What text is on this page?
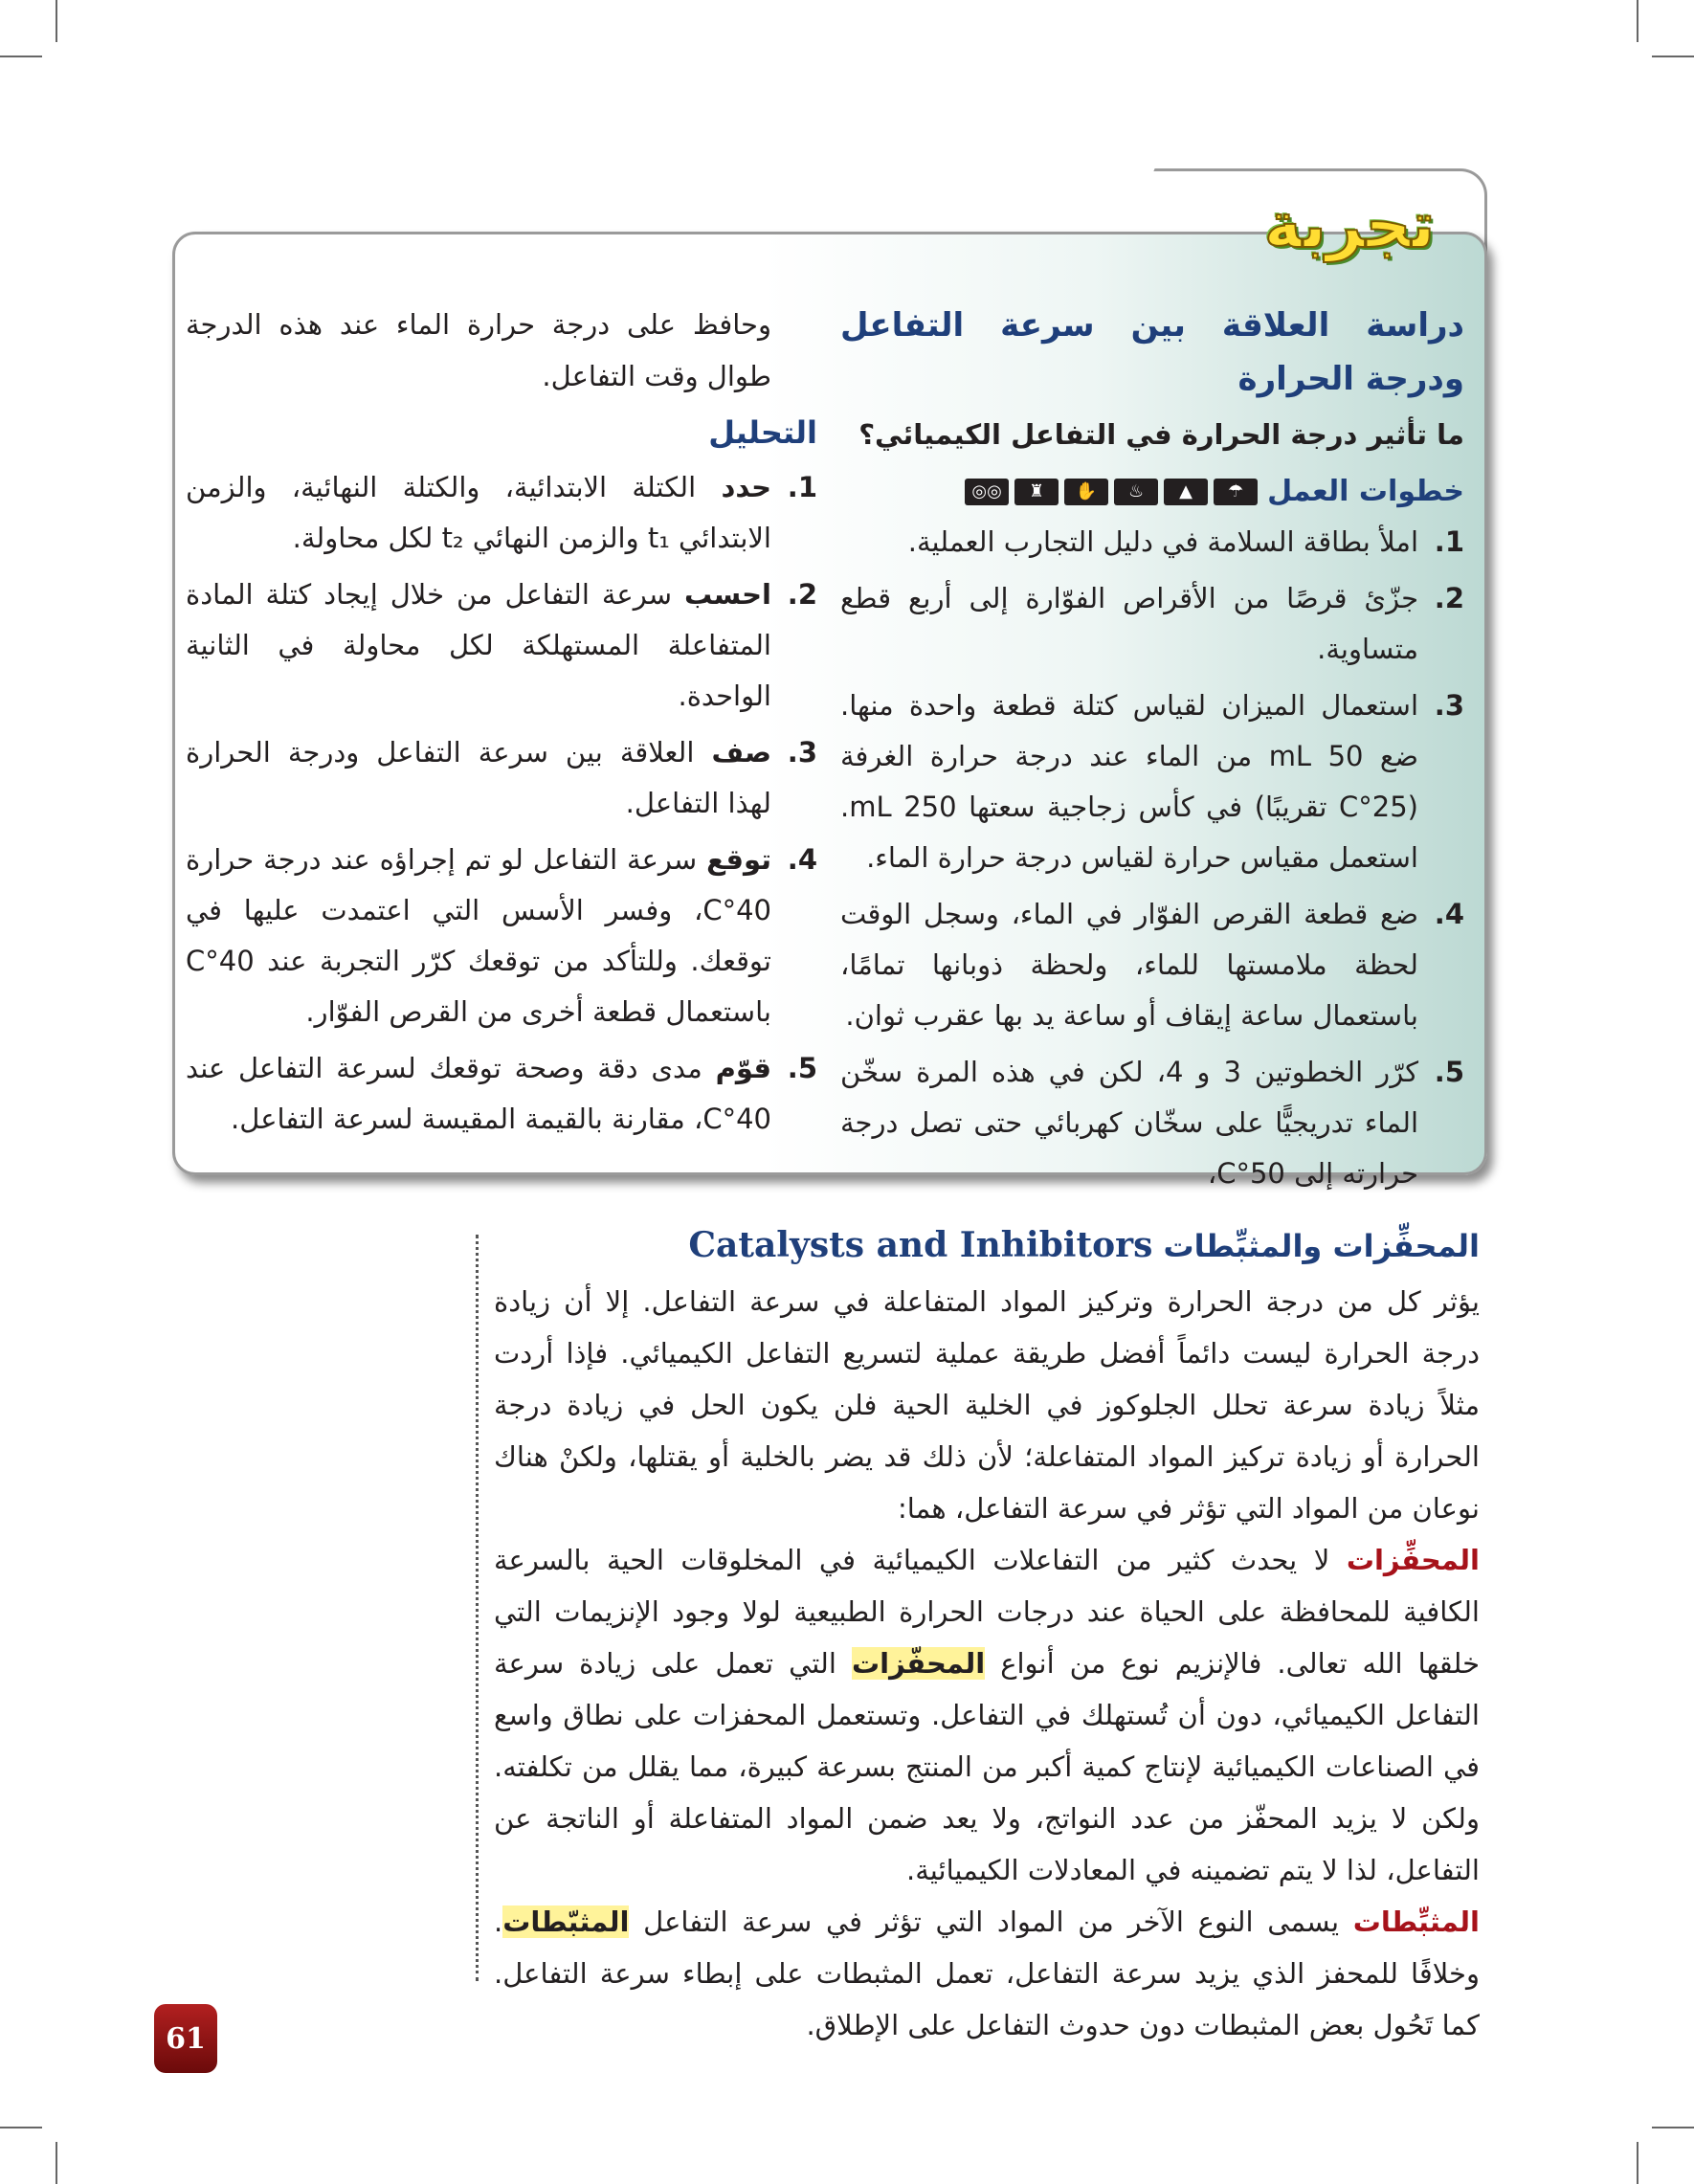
تجربة
دراسة العلاقة بين سرعة التفاعل ودرجة الحرارة
ما تأثير درجة الحرارة في التفاعل الكيميائي؟
خطوات العمل
◎◎	♜	✋	♨	▲	☂
1.
املأ بطاقة السلامة في دليل التجارب العملية.
2.
جزّئ قرصًا من الأقراص الفوّارة إلى أربع قطع متساوية.
3.
استعمال الميزان لقياس كتلة قطعة واحدة منها. ضع 50 mL من الماء عند درجة حرارة الغرفة (25°C تقريبًا) في كأس زجاجية سعتها 250 mL. استعمل مقياس حرارة لقياس درجة حرارة الماء.
4.
ضع قطعة القرص الفوّار في الماء، وسجل الوقت لحظة ملامستها للماء، ولحظة ذوبانها تمامًا، باستعمال ساعة إيقاف أو ساعة يد بها عقرب ثوان.
5.
كرّر الخطوتين 3 و 4، لكن في هذه المرة سخّن الماء تدريجيًّا على سخّان كهربائي حتى تصل درجة حرارته إلى 50°C،
وحافظ على درجة حرارة الماء عند هذه الدرجة طوال وقت التفاعل.
التحليل
1.
حدد الكتلة الابتدائية، والكتلة النهائية، والزمن الابتدائي t₁ والزمن النهائي t₂ لكل محاولة.
2.
احسب سرعة التفاعل من خلال إيجاد كتلة المادة المتفاعلة المستهلكة لكل محاولة في الثانية الواحدة.
3.
صف العلاقة بين سرعة التفاعل ودرجة الحرارة لهذا التفاعل.
4.
توقع سرعة التفاعل لو تم إجراؤه عند درجة حرارة 40°C، وفسر الأسس التي اعتمدت عليها في توقعك. وللتأكد من توقعك كرّر التجربة عند 40°C باستعمال قطعة أخرى من القرص الفوّار.
5.
قوّم مدى دقة وصحة توقعك لسرعة التفاعل عند 40°C، مقارنة بالقيمة المقيسة لسرعة التفاعل.
المحفِّزات والمثبِّطات Catalysts and Inhibitors

يؤثر كل من درجة الحرارة وتركيز المواد المتفاعلة في سرعة التفاعل. إلا أن زيادة درجة الحرارة ليست دائماً أفضل طريقة عملية لتسريع التفاعل الكيميائي. فإذا أردت مثلاً زيادة سرعة تحلل الجلوكوز في الخلية الحية فلن يكون الحل في زيادة درجة الحرارة أو زيادة تركيز المواد المتفاعلة؛ لأن ذلك قد يضر بالخلية أو يقتلها، ولكنْ هناك نوعان من المواد التي تؤثر في سرعة التفاعل، هما:

المحفِّزات لا يحدث كثير من التفاعلات الكيميائية في المخلوقات الحية بالسرعة الكافية للمحافظة على الحياة عند درجات الحرارة الطبيعية لولا وجود الإنزيمات التي خلقها الله تعالى. فالإنزيم نوع من أنواع المحفّزات التي تعمل على زيادة سرعة التفاعل الكيميائي، دون أن تُستهلك في التفاعل. وتستعمل المحفزات على نطاق واسع في الصناعات الكيميائية لإنتاج كمية أكبر من المنتج بسرعة كبيرة، مما يقلل من تكلفته. ولكن لا يزيد المحفّز من عدد النواتج، ولا يعد ضمن المواد المتفاعلة أو الناتجة عن التفاعل، لذا لا يتم تضمينه في المعادلات الكيميائية.

المثبِّطات يسمى النوع الآخر من المواد التي تؤثر في سرعة التفاعل المثبّطات. وخلافًا للمحفز الذي يزيد سرعة التفاعل، تعمل المثبطات على إبطاء سرعة التفاعل. كما تَحُول بعض المثبطات دون حدوث التفاعل على الإطلاق.

61
